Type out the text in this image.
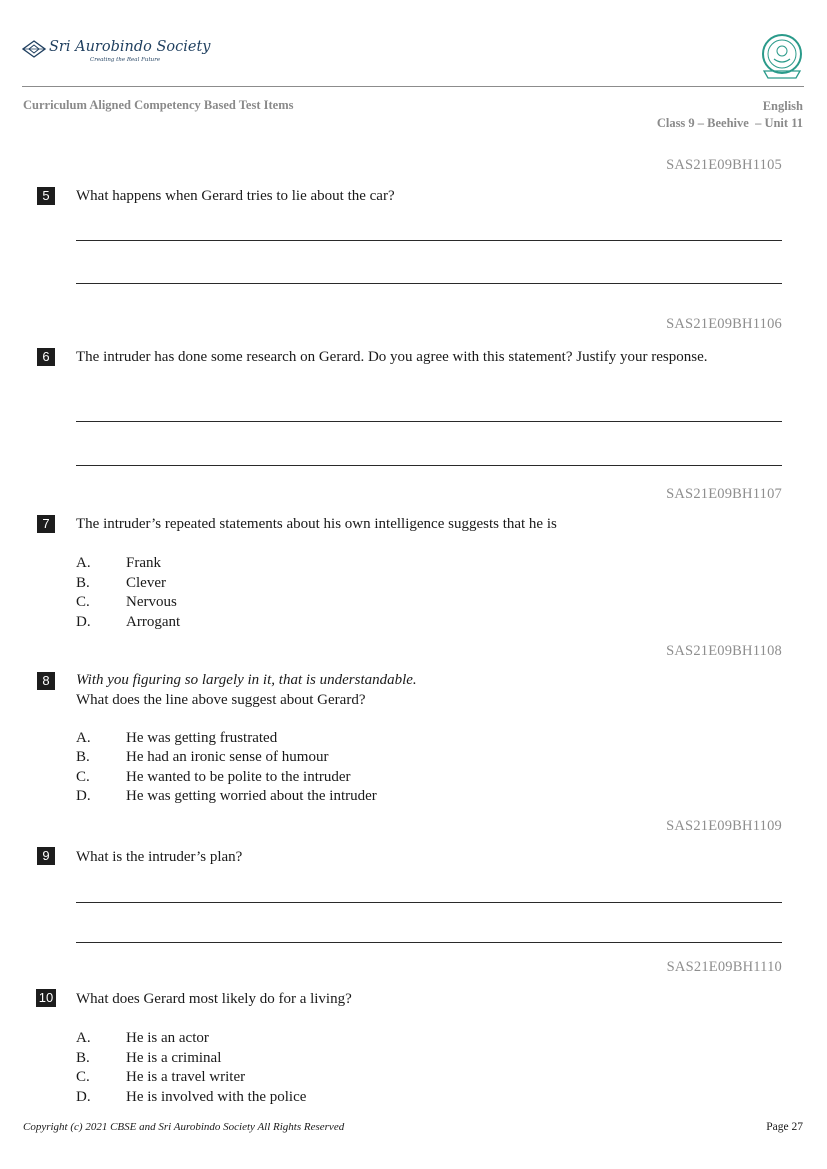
Sri Aurobindo Society
Creating the Real Future
Curriculum Aligned Competency Based Test Items	English
Class 9 – Beehive  – Unit 11
SAS21E09BH1105
5	What happens when Gerard tries to lie about the car?
SAS21E09BH1106
6	The intruder has done some research on Gerard. Do you agree with this statement? Justify your response.
SAS21E09BH1107
7	The intruder’s repeated statements about his own intelligence suggests that he is
A. Frank
B. Clever
C. Nervous
D. Arrogant
SAS21E09BH1108
8	With you figuring so largely in it, that is understandable.
What does the line above suggest about Gerard?
A. He was getting frustrated
B. He had an ironic sense of humour
C. He wanted to be polite to the intruder
D. He was getting worried about the intruder
SAS21E09BH1109
9	What is the intruder’s plan?
SAS21E09BH1110
10 What does Gerard most likely do for a living?
A. He is an actor
B. He is a criminal
C. He is a travel writer
D. He is involved with the police
Copyright (c) 2021 CBSE and Sri Aurobindo Society All Rights Reserved	Page 27
